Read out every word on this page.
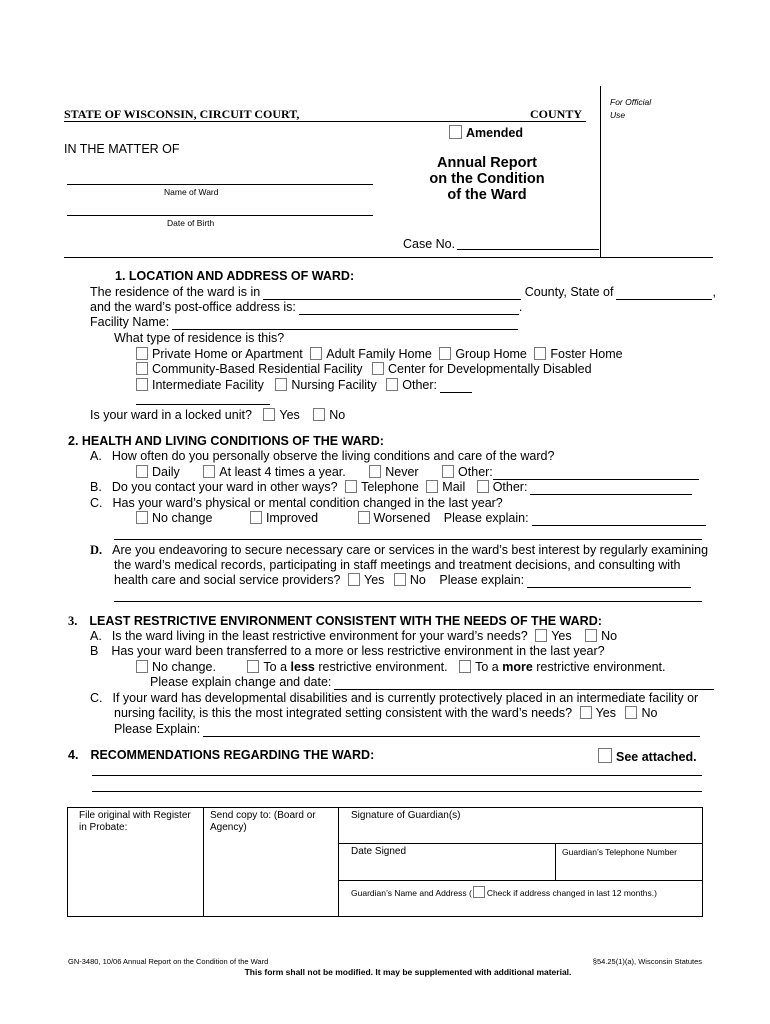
For Official
Use
STATE OF WISCONSIN, CIRCUIT COURT,	COUNTY
Amended
IN THE MATTER OF
Name of Ward
Date of Birth
Annual Report
on the Condition
of the Ward
Case No.
1. LOCATION AND ADDRESS OF WARD:
The residence of the ward is in	County, State of	,
and the ward’s post-office address is:	.
Facility Name:
What type of residence is this?
Private Home or Apartment Adult Family Home Group Home Foster Home
Community-Based Residential Facility Center for Developmentally Disabled
Intermediate Facility Nursing Facility Other:
Is your ward in a locked unit? Yes No
2. HEALTH AND LIVING CONDITIONS OF THE WARD:
A. How often do you personally observe the living conditions and care of the ward?
Daily	At least 4 times a year.	Never	Other:
B. Do you contact your ward in other ways? Telephone Mail Other:
C. Has your ward’s physical or mental condition changed in the last year?
No change	Improved	Worsened Please explain:
D. Are you endeavoring to secure necessary care or services in the ward’s best interest by regularly examining
the ward’s medical records, participating in staff meetings and treatment decisions, and consulting with
health care and social service providers? Yes No Please explain:
3. LEAST RESTRICTIVE ENVIRONMENT CONSISTENT WITH THE NEEDS OF THE WARD:
A. Is the ward living in the least restrictive environment for your ward’s needs? Yes No
B Has your ward been transferred to a more or less restrictive environment in the last year?
No change.	To a less restrictive environment. To a more restrictive environment.
Please explain change and date:
C. If your ward has developmental disabilities and is currently protectively placed in an intermediate facility or
nursing facility, is this the most integrated setting consistent with the ward’s needs? Yes No
Please Explain:
4. RECOMMENDATIONS REGARDING THE WARD:	See attached.
File original with Register in Probate:
Send copy to: (Board or Agency)
Signature of Guardian(s)
Date Signed	Guardian’s Telephone Number
Guardian’s Name and Address ( Check if address changed in last 12 months.)
GN-3480, 10/06 Annual Report on the Condition of the Ward	§54.25(1)(a), Wisconsin Statutes
This form shall not be modified. It may be supplemented with additional material.
